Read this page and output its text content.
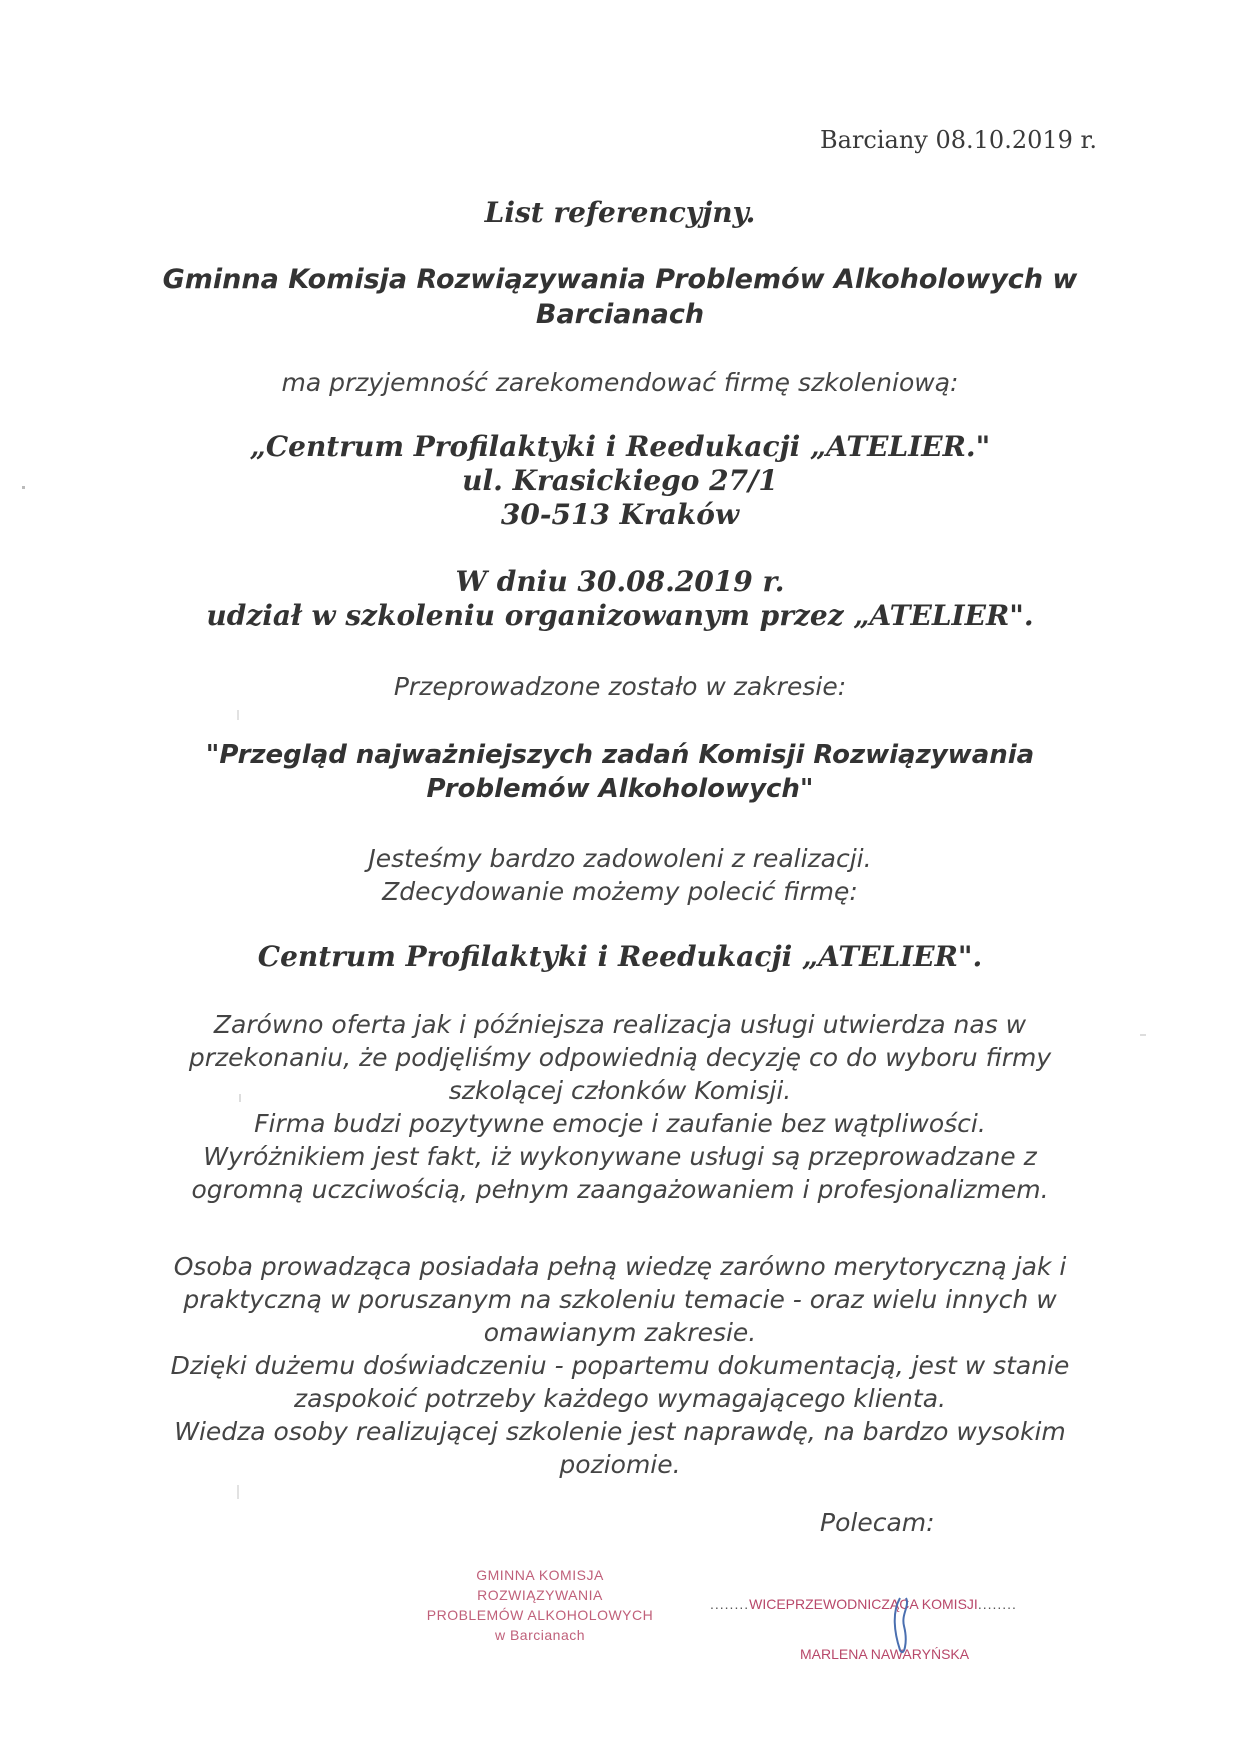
Barciany 08.10.2019 r.
List referencyjny.
Gminna Komisja Rozwiązywania Problemów Alkoholowych w
Barcianach
ma przyjemność zarekomendować firmę szkoleniową:
„Centrum Profilaktyki i Reedukacji „ATELIER."
ul. Krasickiego 27/1
30-513 Kraków
W dniu 30.08.2019 r.
udział w szkoleniu organizowanym przez „ATELIER".
Przeprowadzone zostało w zakresie:
"Przegląd najważniejszych zadań Komisji Rozwiązywania
Problemów Alkoholowych"
Jesteśmy bardzo zadowoleni z realizacji.
Zdecydowanie możemy polecić firmę:
Centrum Profilaktyki i Reedukacji „ATELIER".
Zarówno oferta jak i późniejsza realizacja usługi utwierdza nas w
przekonaniu, że podjęliśmy odpowiednią decyzję co do wyboru firmy
szkolącej członków Komisji.
Firma budzi pozytywne emocje i zaufanie bez wątpliwości.
Wyróżnikiem jest fakt, iż wykonywane usługi są przeprowadzane z
ogromną uczciwością, pełnym zaangażowaniem i profesjonalizmem.
Osoba prowadząca posiadała pełną wiedzę zarówno merytoryczną jak i
praktyczną w poruszanym na szkoleniu temacie - oraz wielu innych w
omawianym zakresie.
Dzięki dużemu doświadczeniu - popartemu dokumentacją, jest w stanie
zaspokoić potrzeby każdego wymagającego klienta.
Wiedza osoby realizującej szkolenie jest naprawdę, na bardzo wysokim
poziomie.
Polecam:
GMINNA KOMISJA
ROZWIĄZYWANIA
PROBLEMÓW ALKOHOLOWYCH
w Barcianach
........WICEPRZEWODNICZĄCA KOMISJI........
MARLENA NAWARYŃSKA
